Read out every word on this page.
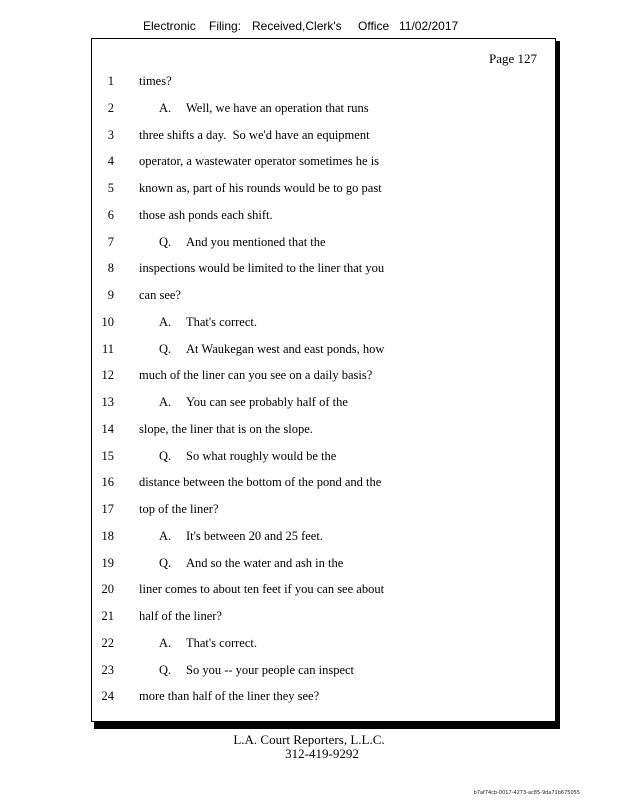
Electronic Filing: Received,Clerk's Office 11/02/2017
Page 127
1 times?
2	A. Well, we have an operation that runs
3 three shifts a day.  So we'd have an equipment
4 operator, a wastewater operator sometimes he is
5 known as, part of his rounds would be to go past
6 those ash ponds each shift.
7	Q. And you mentioned that the
8 inspections would be limited to the liner that you
9 can see?
10	A. That's correct.
11	Q. At Waukegan west and east ponds, how
12 much of the liner can you see on a daily basis?
13	A. You can see probably half of the
14 slope, the liner that is on the slope.
15	Q. So what roughly would be the
16 distance between the bottom of the pond and the
17 top of the liner?
18	A. It's between 20 and 25 feet.
19	Q. And so the water and ash in the
20 liner comes to about ten feet if you can see about
21 half of the liner?
22	A. That's correct.
23	Q. So you -- your people can inspect
24 more than half of the liner they see?
L.A. Court Reporters, L.L.C.
312-419-9292
b7af74cb-0017-4273-ac85-9da71b675055
